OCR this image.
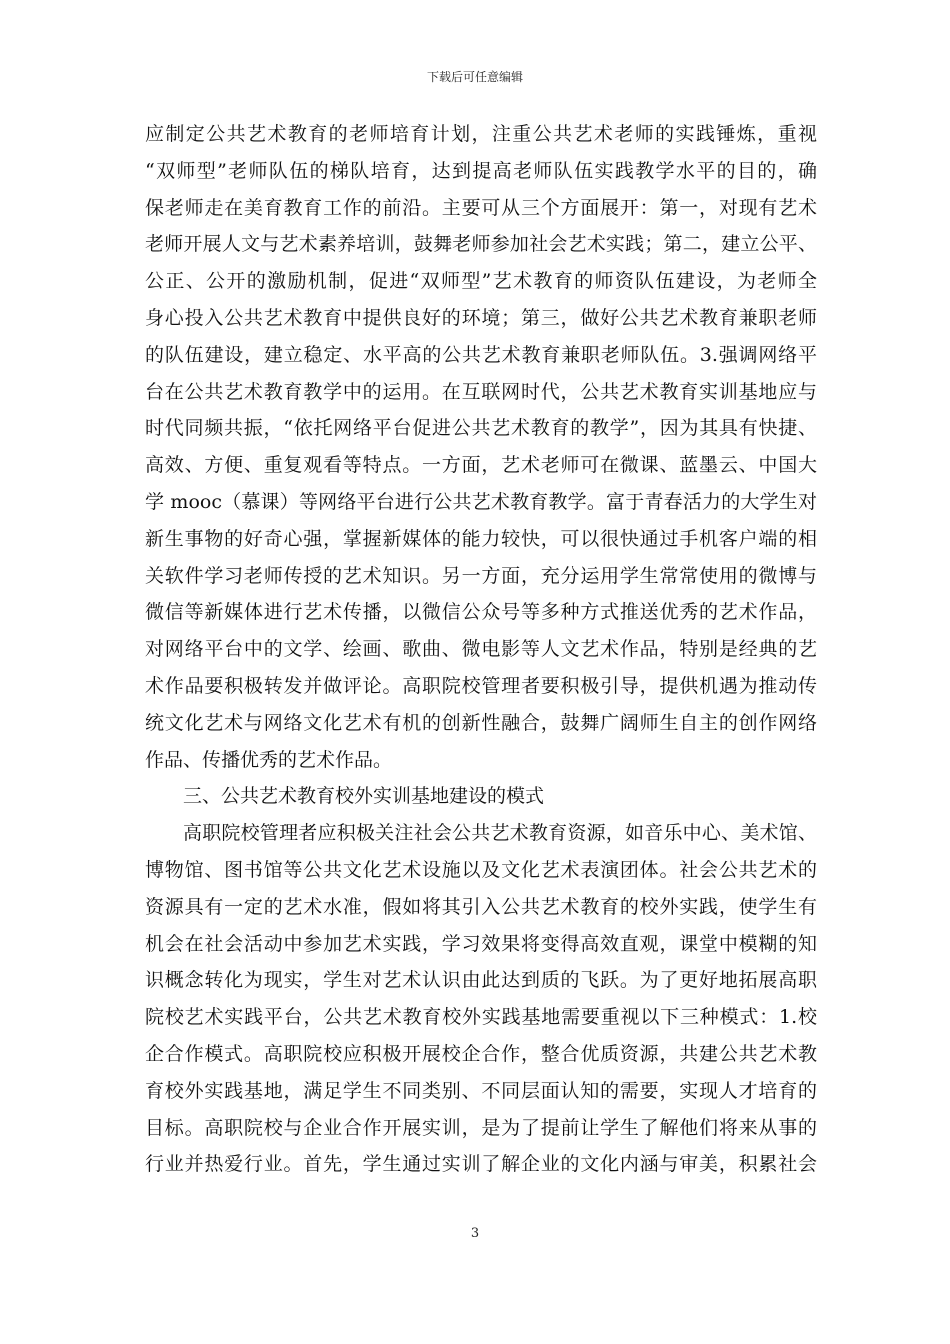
下载后可任意编辑
应制定公共艺术教育的老师培育计划，注重公共艺术老师的实践锤炼，重视
“双师型”老师队伍的梯队培育，达到提高老师队伍实践教学水平的目的，确
保老师走在美育教育工作的前沿。主要可从三个方面展开：第一，对现有艺术
老师开展人文与艺术素养培训，鼓舞老师参加社会艺术实践；第二，建立公平、
公正、公开的激励机制，促进“双师型”艺术教育的师资队伍建设，为老师全
身心投入公共艺术教育中提供良好的环境；第三，做好公共艺术教育兼职老师
的队伍建设，建立稳定、水平高的公共艺术教育兼职老师队伍。3.强调网络平
台在公共艺术教育教学中的运用。在互联网时代，公共艺术教育实训基地应与
时代同频共振，“依托网络平台促进公共艺术教育的教学”，因为其具有快捷、
高效、方便、重复观看等特点。一方面，艺术老师可在微课、蓝墨云、中国大
学 mooc（慕课）等网络平台进行公共艺术教育教学。富于青春活力的大学生对
新生事物的好奇心强，掌握新媒体的能力较快，可以很快通过手机客户端的相
关软件学习老师传授的艺术知识。另一方面，充分运用学生常常使用的微博与
微信等新媒体进行艺术传播，以微信公众号等多种方式推送优秀的艺术作品，
对网络平台中的文学、绘画、歌曲、微电影等人文艺术作品，特别是经典的艺
术作品要积极转发并做评论。高职院校管理者要积极引导，提供机遇为推动传
统文化艺术与网络文化艺术有机的创新性融合，鼓舞广阔师生自主的创作网络
作品、传播优秀的艺术作品。
三、公共艺术教育校外实训基地建设的模式
高职院校管理者应积极关注社会公共艺术教育资源，如音乐中心、美术馆、
博物馆、图书馆等公共文化艺术设施以及文化艺术表演团体。社会公共艺术的
资源具有一定的艺术水准，假如将其引入公共艺术教育的校外实践，使学生有
机会在社会活动中参加艺术实践，学习效果将变得高效直观，课堂中模糊的知
识概念转化为现实，学生对艺术认识由此达到质的飞跃。为了更好地拓展高职
院校艺术实践平台，公共艺术教育校外实践基地需要重视以下三种模式：1.校
企合作模式。高职院校应积极开展校企合作，整合优质资源，共建公共艺术教
育校外实践基地，满足学生不同类别、不同层面认知的需要，实现人才培育的
目标。高职院校与企业合作开展实训，是为了提前让学生了解他们将来从事的
行业并热爱行业。首先，学生通过实训了解企业的文化内涵与审美，积累社会
3
